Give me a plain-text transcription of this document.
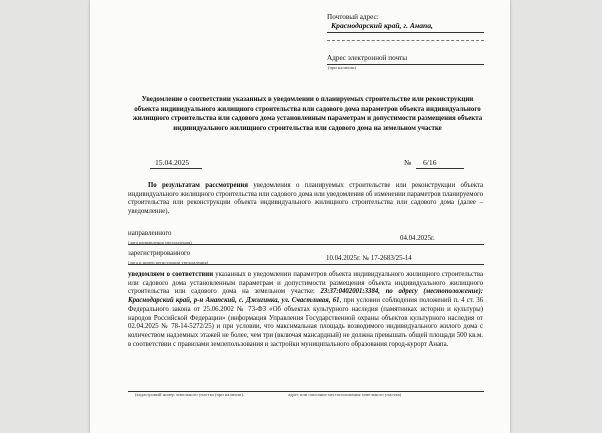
Почтовый адрес:
Краснодарский край, г. Анапа,
Адрес электронной почты
(при наличии)
Уведомление о соответствии указанных в уведомлении о планируемых строительстве или реконструкции объекта индивидуального жилищного строительства или садового дома параметров объекта индивидуального жилищного строительства или садового дома установленным параметрам и допустимости размещения объекта индивидуального жилищного строительства или садового дома на земельном участке
15.04.2025	№ 6/16
По результатам рассмотрения уведомления о планируемых строительстве или реконструкции объекта индивидуального жилищного строительства или садового дома или уведомления об изменении параметров планируемого строительства или реконструкции объекта индивидуального жилищного строительства или садового дома (далее – уведомление),
направленного
04.04.2025г.
(дата направления уведомления)
зарегистрированного
10.04.2025г. № 17-2683/25-14
(дата и номер регистрации уведомления)
уведомляем о соответствии указанных в уведомлении параметров объекта индивидуального жилищного строительства или садового дома установленным параметрам и допустимости размещения объекта индивидуального жилищного строительства или садового дома на земельном участке: 23:37:0402001:3384, по адресу (местоположение): Краснодарский край, р-н Анапский, с. Джигинка, ул. Счастливая, 61, при условии соблюдения положений п. 4 ст. 36 Федерального закона от 25.06.2002 № 73-ФЗ «Об объектах культурного наследия (памятниках истории и культуры) народов Российской Федерации» (информация Управления Государственной охраны объектов культурного наследия от 02.04.2025 № 78-14-5272/25) и при условии, что максимальная площадь возводимого индивидуального жилого дома с количеством надземных этажей не более, чем три (включая мансардный) не должна превышать общей площади 500 кв.м. в соответствии с правилами землепользования и застройки муниципального образования город-курорт Анапа.
(кадастровый номер земельного участка (при наличии),	адрес или описание местоположения земельного участка)
